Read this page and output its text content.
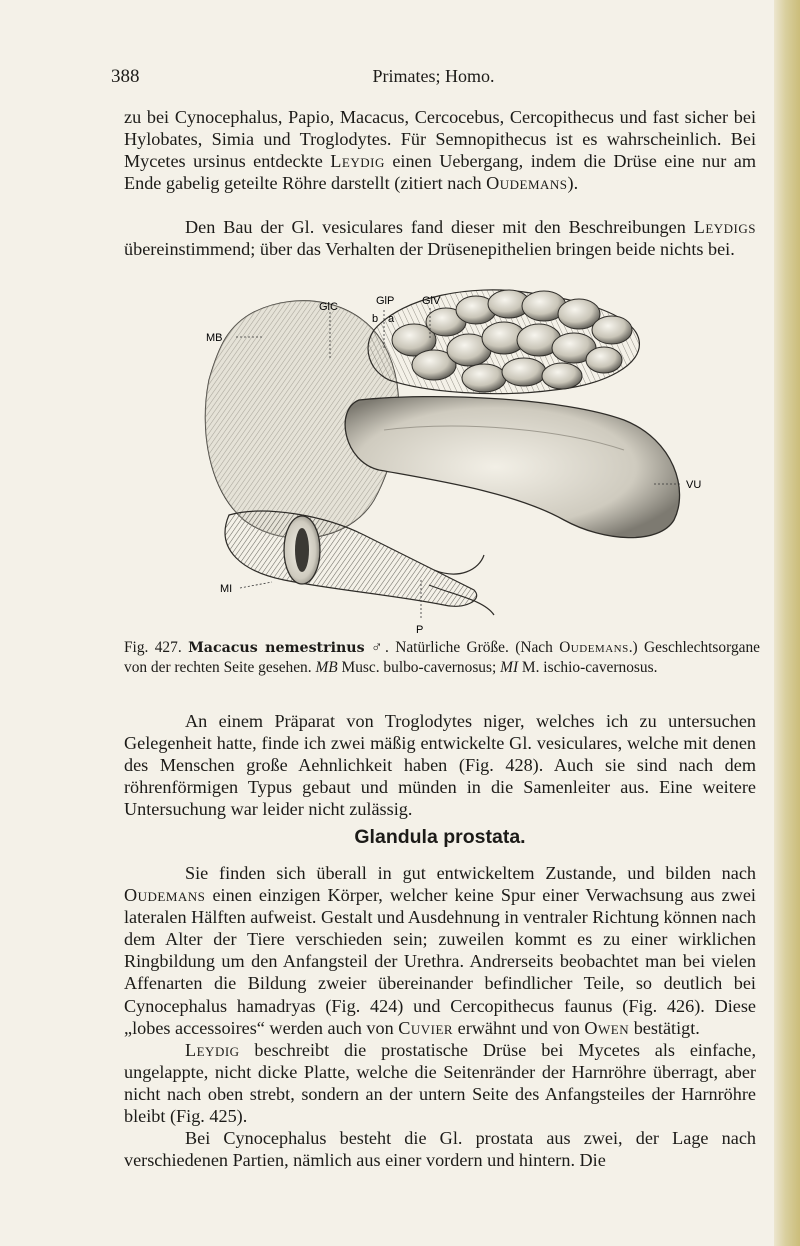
388	Primates; Homo.

zu bei Cynocephalus, Papio, Macacus, Cercocebus, Cercopithecus und fast sicher bei Hylobates, Simia und Troglodytes. Für Semnopithecus ist es wahrscheinlich. Bei Mycetes ursinus entdeckte Leydig einen Uebergang, indem die Drüse eine nur am Ende gabelig geteilte Röhre darstellt (zitiert nach Oudemans).

Den Bau der Gl. vesiculares fand dieser mit den Beschreibungen Leydigs übereinstimmend; über das Verhalten der Drüsenepithelien bringen beide nichts bei.

GlC	GlP	GlV
b a
MB
VU
MI
P
Fig. 427. Macacus nemestrinus ♂. Natürliche Größe. (Nach Oudemans.) Geschlechtsorgane von der rechten Seite gesehen. MB Musc. bulbo-cavernosus; MI M. ischio-cavernosus.

An einem Präparat von Troglodytes niger, welches ich zu untersuchen Gelegenheit hatte, finde ich zwei mäßig entwickelte Gl. vesiculares, welche mit denen des Menschen große Aehnlichkeit haben (Fig. 428). Auch sie sind nach dem röhrenförmigen Typus gebaut und münden in die Samenleiter aus. Eine weitere Untersuchung war leider nicht zulässig.

Glandula prostata.

Sie finden sich überall in gut entwickeltem Zustande, und bilden nach Oudemans einen einzigen Körper, welcher keine Spur einer Verwachsung aus zwei lateralen Hälften aufweist. Gestalt und Ausdehnung in ventraler Richtung können nach dem Alter der Tiere verschieden sein; zuweilen kommt es zu einer wirklichen Ringbildung um den Anfangsteil der Urethra. Andrerseits beobachtet man bei vielen Affenarten die Bildung zweier übereinander befindlicher Teile, so deutlich bei Cynocephalus hamadryas (Fig. 424) und Cercopithecus faunus (Fig. 426). Diese „lobes accessoires“ werden auch von Cuvier erwähnt und von Owen bestätigt.

Leydig beschreibt die prostatische Drüse bei Mycetes als einfache, ungelappte, nicht dicke Platte, welche die Seitenränder der Harnröhre überragt, aber nicht nach oben strebt, sondern an der untern Seite des Anfangsteiles der Harnröhre bleibt (Fig. 425).

Bei Cynocephalus besteht die Gl. prostata aus zwei, der Lage nach verschiedenen Partien, nämlich aus einer vordern und hintern. Die
